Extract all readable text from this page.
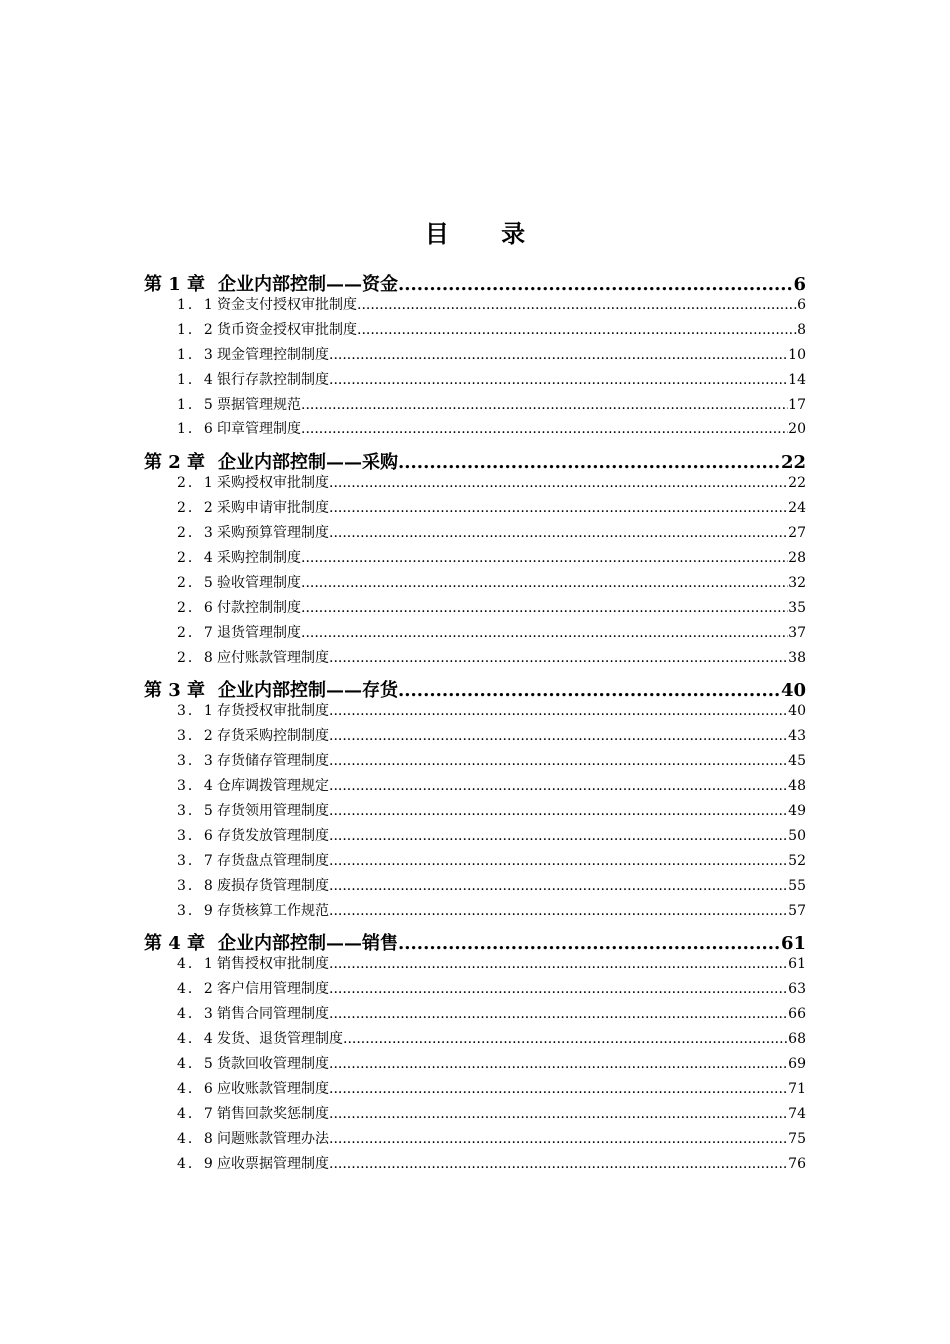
目 录
第 1 章 企业内部控制——资金 .....	6
1．1 资金支付授权审批制度 .....	6
1．2 货币资金授权审批制度 .....	8
1．3 现金管理控制制度 .....	10
1．4 银行存款控制制度 .....	14
1．5 票据管理规范 .....	17
1．6 印章管理制度 .....	20
第 2 章 企业内部控制——采购 .....	22
2．1 采购授权审批制度 .....	22
2．2 采购申请审批制度 .....	24
2．3 采购预算管理制度 .....	27
2．4 采购控制制度 .....	28
2．5 验收管理制度 .....	32
2．6 付款控制制度 .....	35
2．7 退货管理制度 .....	37
2．8 应付账款管理制度 .....	38
第 3 章 企业内部控制——存货 .....	40
3．1 存货授权审批制度 .....	40
3．2 存货采购控制制度 .....	43
3．3 存货储存管理制度 .....	45
3．4 仓库调拨管理规定 .....	48
3．5 存货领用管理制度 .....	49
3．6 存货发放管理制度 .....	50
3．7 存货盘点管理制度 .....	52
3．8 废损存货管理制度 .....	55
3．9 存货核算工作规范 .....	57
第 4 章 企业内部控制——销售 .....	61
4．1 销售授权审批制度 .....	61
4．2 客户信用管理制度 .....	63
4．3 销售合同管理制度 .....	66
4．4 发货、退货管理制度 .....	68
4．5 货款回收管理制度 .....	69
4．6 应收账款管理制度 .....	71
4．7 销售回款奖惩制度 .....	74
4．8 问题账款管理办法 .....	75
4．9 应收票据管理制度 .....	76
